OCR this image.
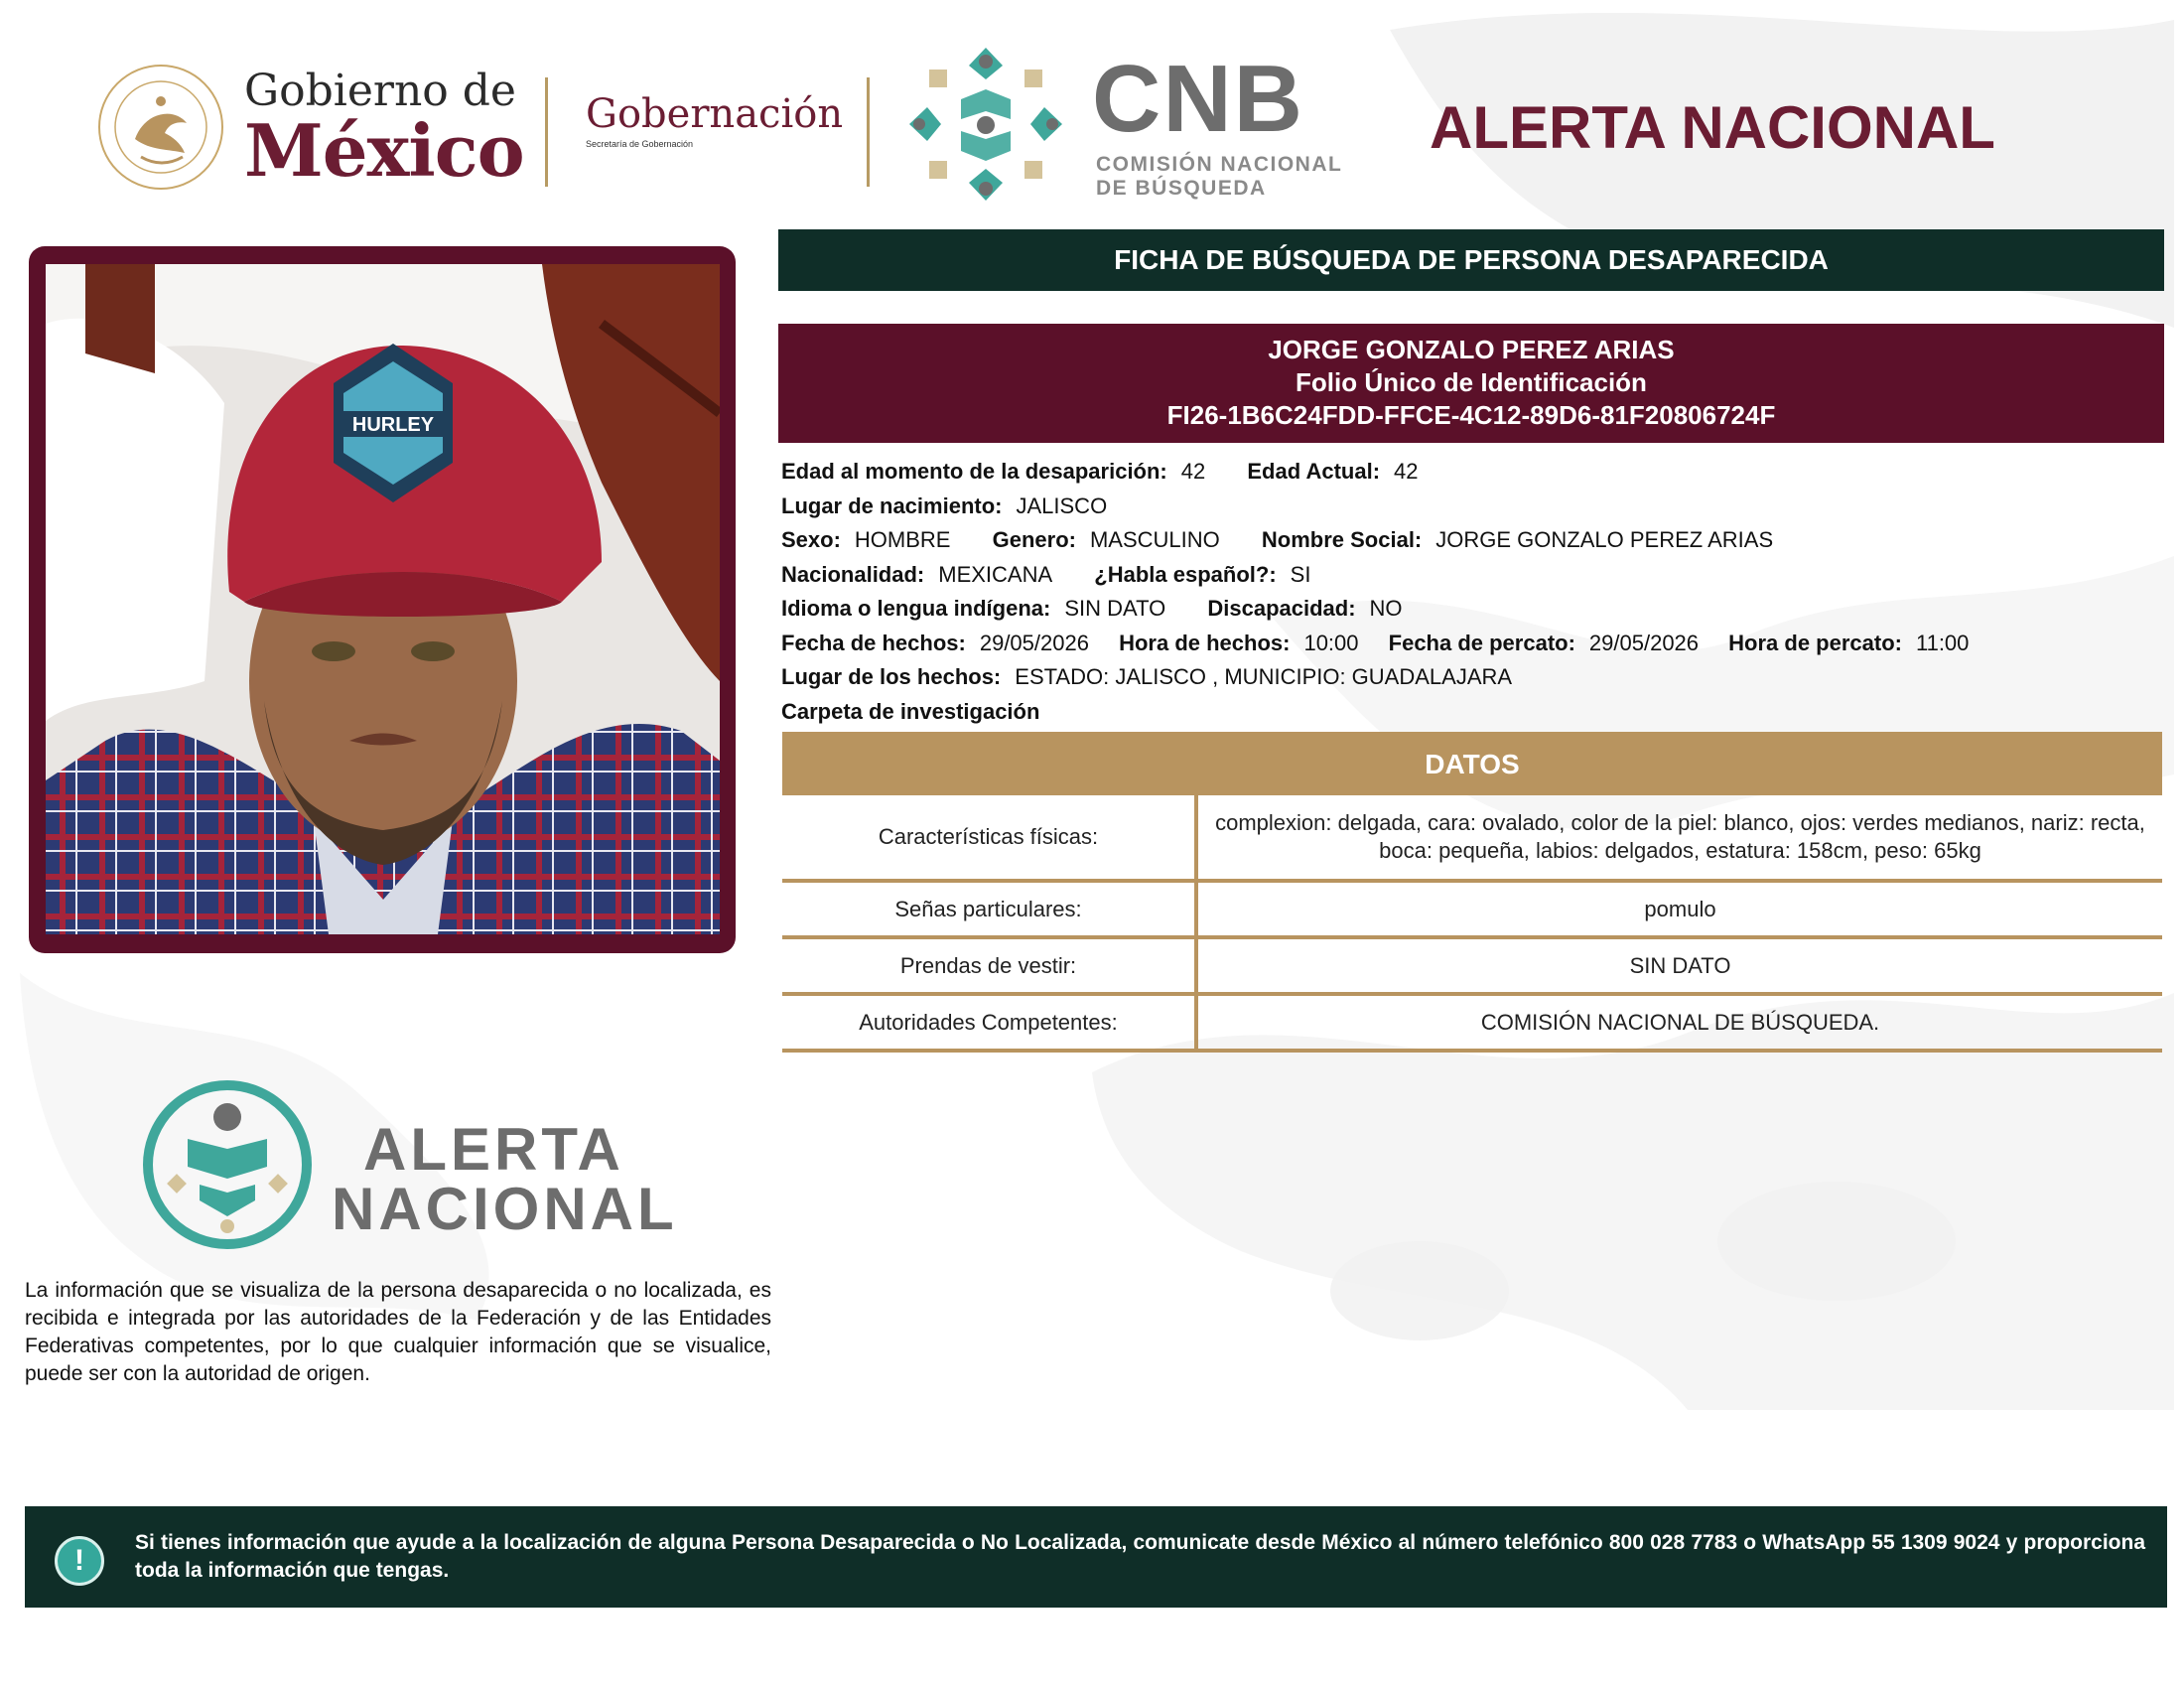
Gobierno de
México Gobernación
Secretaría de Gobernación	CNB
COMISIÓN NACIONAL
DE BÚSQUEDA
ALERTA NACIONAL
HURLEY
FICHA DE BÚSQUEDA DE PERSONA DESAPARECIDA
JORGE GONZALO PEREZ ARIAS
Folio Único de Identificación
FI26-1B6C24FDD-FFCE-4C12-89D6-81F20806724F
Edad al momento de la desaparición: 42 Edad Actual: 42
Lugar de nacimiento: JALISCO
Sexo: HOMBRE Genero: MASCULINO Nombre Social: JORGE GONZALO PEREZ ARIAS
Nacionalidad: MEXICANA ¿Habla español?: SI
Idioma o lengua indígena: SIN DATO Discapacidad: NO
Fecha de hechos: 29/05/2026 Hora de hechos: 10:00 Fecha de percato: 29/05/2026 Hora de percato: 11:00
Lugar de los hechos: ESTADO: JALISCO , MUNICIPIO: GUADALAJARA
Carpeta de investigación
DATOS
Características físicas:	complexion: delgada, cara: ovalado, color de la piel: blanco, ojos: verdes medianos, nariz: recta, boca: pequeña, labios: delgados, estatura: 158cm, peso: 65kg
Señas particulares:	pomulo
Prendas de vestir:	SIN DATO
Autoridades Competentes:	COMISIÓN NACIONAL DE BÚSQUEDA.
ALERTA
NACIONAL
La información que se visualiza de la persona desaparecida o no localizada, es recibida e integrada por las autoridades de la Federación y de las Entidades Federativas competentes, por lo que cualquier información que se visualice, puede ser con la autoridad de origen.
!
Si tienes información que ayude a la localización de alguna Persona Desaparecida o No Localizada, comunicate desde México al número telefónico 800 028 7783 o WhatsApp 55 1309 9024 y proporciona toda la información que tengas.
